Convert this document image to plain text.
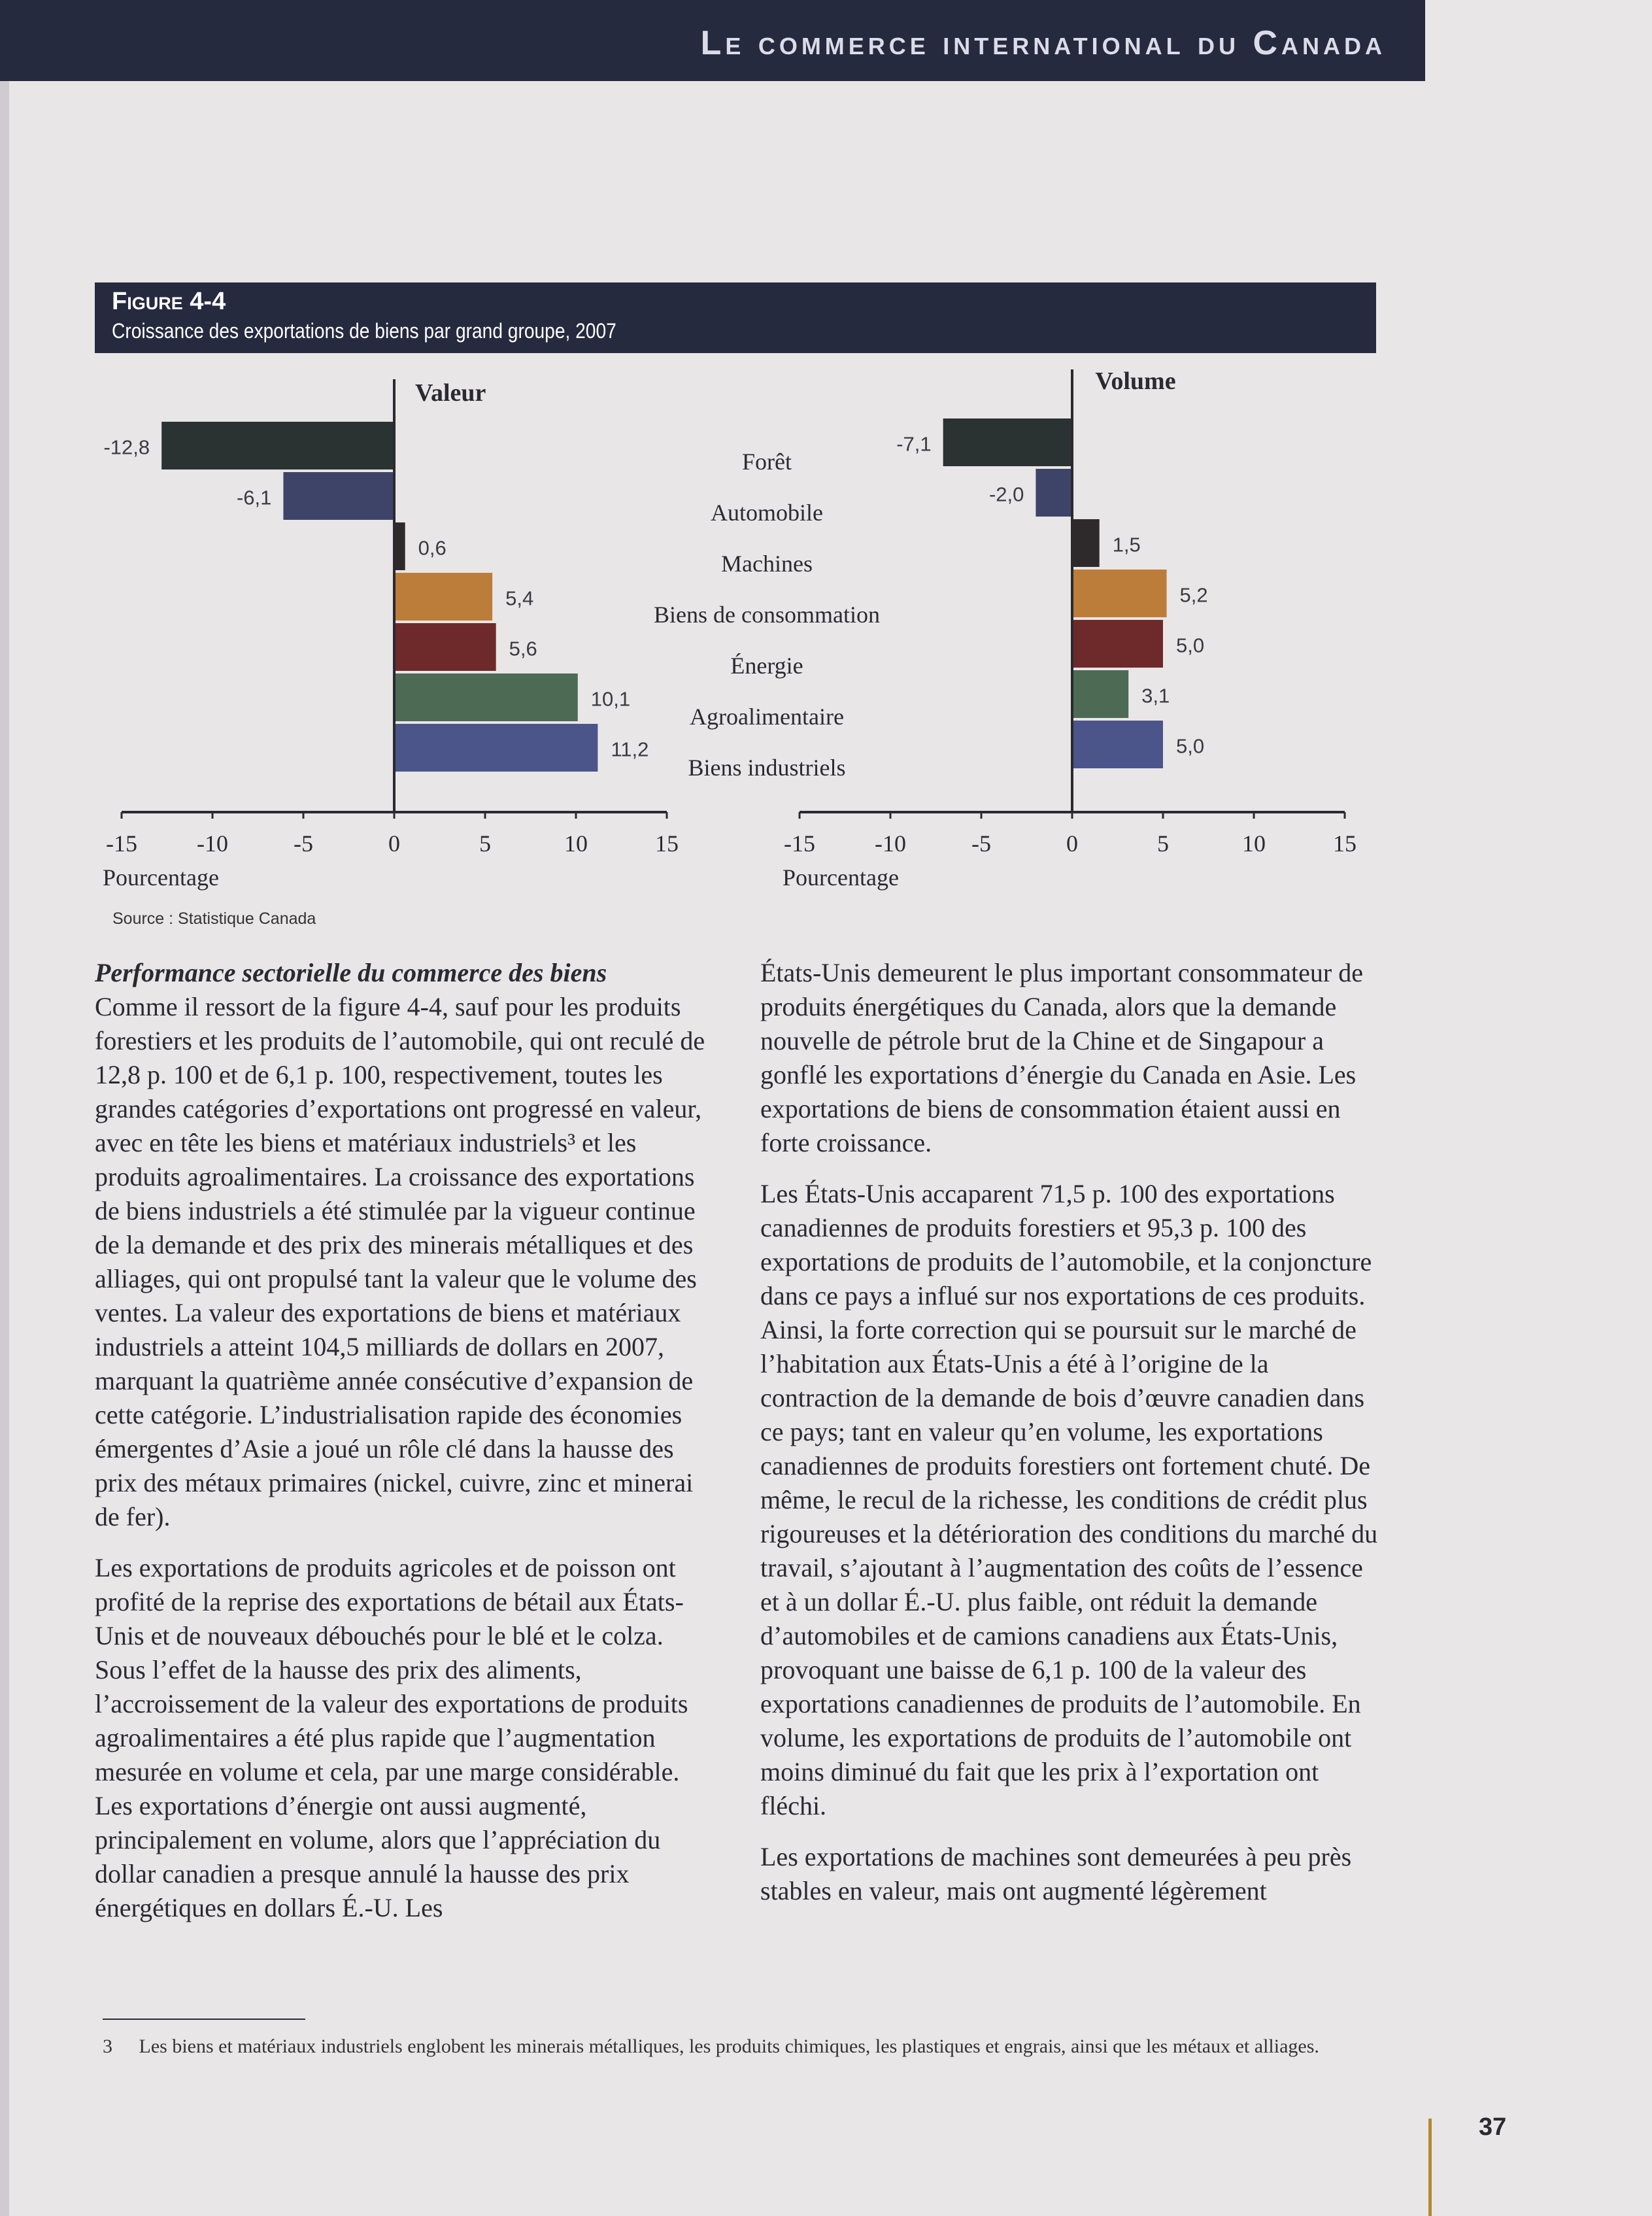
Le commerce international du Canada
Figure 4-4
Croissance des exportations de biens par grand groupe, 2007
Valeur
-12,8
-6,1
0,6
5,4
5,6
10,1
11,2
-15	-10	-5	0	5	10	15
Pourcentage
Volume
-7,1
-2,0
1,5
5,2
5,0
3,1
5,0
-15	-10	-5	0	5	10	15
Pourcentage
Forêt
Automobile
Machines
Biens de consommation
Énergie
Agroalimentaire
Biens industriels
Source : Statistique Canada

Performance sectorielle du commerce des biens
Comme il ressort de la figure 4-4, sauf pour les produits forestiers et les produits de l’automobile, qui ont reculé de 12,8 p. 100 et de 6,1 p. 100, respectivement, toutes les grandes catégories d’exportations ont progressé en valeur, avec en tête les biens et matériaux industriels³ et les produits agroalimentaires. La croissance des exportations de biens industriels a été stimulée par la vigueur continue de la demande et des prix des minerais métalliques et des alliages, qui ont propulsé tant la valeur que le volume des ventes. La valeur des exportations de biens et matériaux industriels a atteint 104,5 milliards de dollars en 2007, marquant la quatrième année consécutive d’expansion de cette catégorie. L’industrialisation rapide des économies émergentes d’Asie a joué un rôle clé dans la hausse des prix des métaux primaires (nickel, cuivre, zinc et minerai de fer).

Les exportations de produits agricoles et de poisson ont profité de la reprise des exportations de bétail aux États-Unis et de nouveaux débouchés pour le blé et le colza. Sous l’effet de la hausse des prix des aliments, l’accroissement de la valeur des exportations de produits agroalimentaires a été plus rapide que l’augmentation mesurée en volume et cela, par une marge considérable. Les exportations d’énergie ont aussi augmenté, principalement en volume, alors que l’appréciation du dollar canadien a presque annulé la hausse des prix énergétiques en dollars É.-U. Les

États-Unis demeurent le plus important consommateur de produits énergétiques du Canada, alors que la demande nouvelle de pétrole brut de la Chine et de Singapour a gonflé les exportations d’énergie du Canada en Asie. Les exportations de biens de consommation étaient aussi en forte croissance.

Les États-Unis accaparent 71,5 p. 100 des exportations canadiennes de produits forestiers et 95,3 p. 100 des exportations de produits de l’automobile, et la conjoncture dans ce pays a influé sur nos exportations de ces produits. Ainsi, la forte correction qui se poursuit sur le marché de l’habitation aux États-Unis a été à l’origine de la contraction de la demande de bois d’œuvre canadien dans ce pays; tant en valeur qu’en volume, les exportations canadiennes de produits forestiers ont fortement chuté. De même, le recul de la richesse, les conditions de crédit plus rigoureuses et la détérioration des conditions du marché du travail, s’ajoutant à l’augmentation des coûts de l’essence et à un dollar É.-U. plus faible, ont réduit la demande d’automobiles et de camions canadiens aux États-Unis, provoquant une baisse de 6,1 p. 100 de la valeur des exportations canadiennes de produits de l’automobile. En volume, les exportations de produits de l’automobile ont moins diminué du fait que les prix à l’exportation ont fléchi.

Les exportations de machines sont demeurées à peu près stables en valeur, mais ont augmenté légèrement

3 Les biens et matériaux industriels englobent les minerais métalliques, les produits chimiques, les plastiques et engrais, ainsi que les métaux et alliages.
37
